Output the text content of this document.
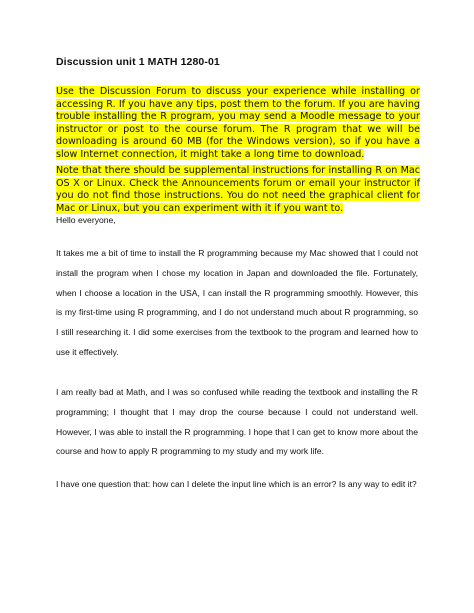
Discussion unit 1 MATH 1280-01

Use the Discussion Forum to discuss your experience while installing or accessing R. If you have any tips, post them to the forum. If you are having trouble installing the R program, you may send a Moodle message to your instructor or post to the course forum. The R program that we will be downloading is around 60 MB (for the Windows version), so if you have a slow Internet connection, it might take a long time to download.

Note that there should be supplemental instructions for installing R on Mac OS X or Linux. Check the Announcements forum or email your instructor if you do not find those instructions. You do not need the graphical client for Mac or Linux, but you can experiment with it if you want to.

Hello everyone,

It takes me a bit of time to install the R programming because my Mac showed that I could not install the program when I chose my location in Japan and downloaded the file. Fortunately, when I choose a location in the USA, I can install the R programming smoothly. However, this is my first-time using R programming, and I do not understand much about R programming, so I still researching it. I did some exercises from the textbook to the program and learned how to use it effectively.

I am really bad at Math, and I was so confused while reading the textbook and installing the R programming; I thought that I may drop the course because I could not understand well. However, I was able to install the R programming. I hope that I can get to know more about the course and how to apply R programming to my study and my work life.

I have one question that: how can I delete the input line which is an error? Is any way to edit it?
